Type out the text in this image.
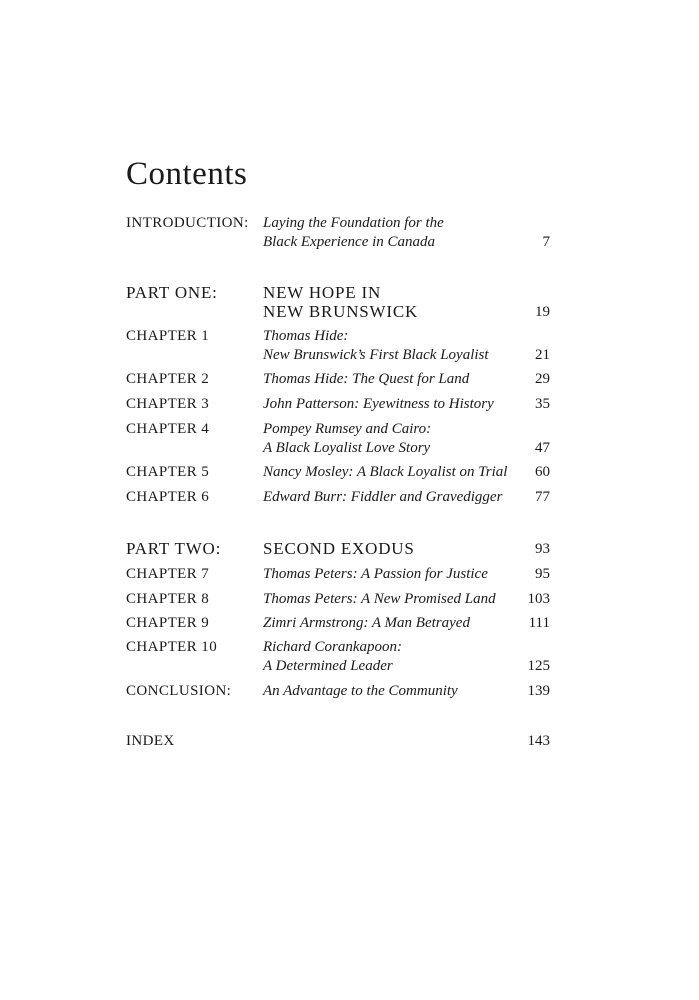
Contents
INTRODUCTION: Laying the Foundation for the
Black Experience in Canada	7
PART ONE:	NEW HOPE IN
NEW BRUNSWICK	19
CHAPTER 1	Thomas Hide:
New Brunswick’s First Black Loyalist	21
CHAPTER 2	Thomas Hide: The Quest for Land	29
CHAPTER 3	John Patterson: Eyewitness to History	35
CHAPTER 4	Pompey Rumsey and Cairo:
A Black Loyalist Love Story	47
CHAPTER 5	Nancy Mosley: A Black Loyalist on Trial	60
CHAPTER 6	Edward Burr: Fiddler and Gravedigger	77
PART TWO: SECOND EXODUS	93
CHAPTER 7	Thomas Peters: A Passion for Justice	95
CHAPTER 8	Thomas Peters: A New Promised Land	103
CHAPTER 9	Zimri Armstrong: A Man Betrayed	111
CHAPTER 10	Richard Corankapoon:
A Determined Leader	125
CONCLUSION: An Advantage to the Community	139
INDEX	143
